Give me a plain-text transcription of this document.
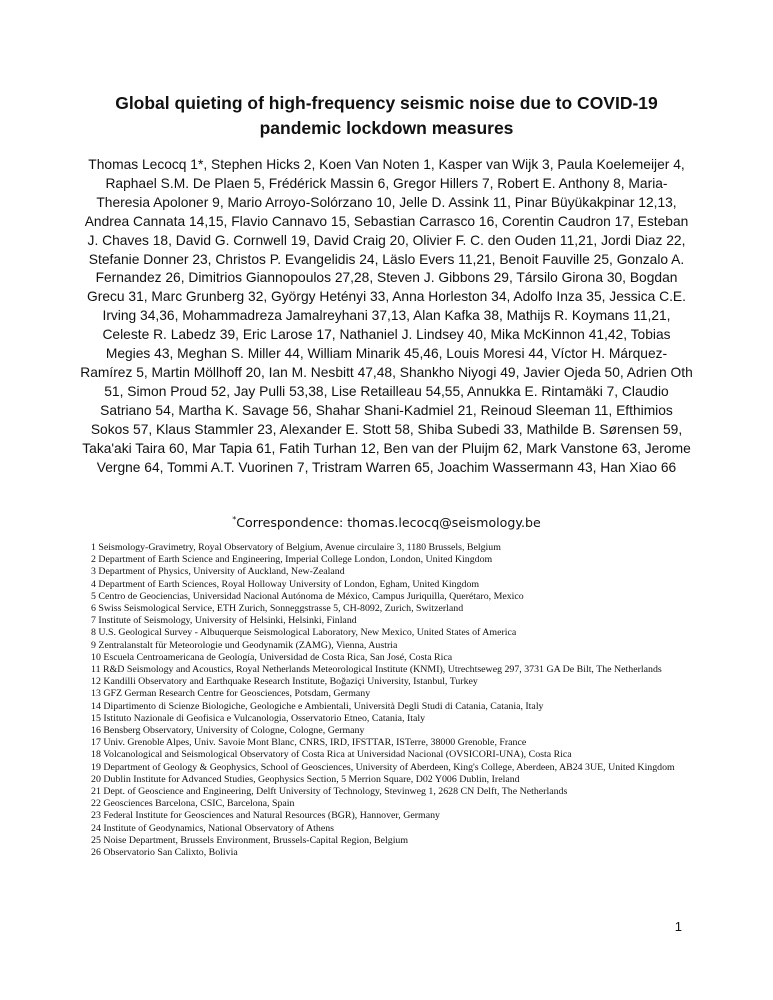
Global quieting of high-frequency seismic noise due to COVID-19 pandemic lockdown measures

Thomas Lecocq 1*, Stephen Hicks 2, Koen Van Noten 1, Kasper van Wijk 3, Paula Koelemeijer 4, Raphael S.M. De Plaen 5, Frédérick Massin 6, Gregor Hillers 7, Robert E. Anthony 8, Maria-Theresia Apoloner 9, Mario Arroyo-Solórzano 10, Jelle D. Assink 11, Pinar Büyükakpinar 12,13, Andrea Cannata 14,15, Flavio Cannavo 15, Sebastian Carrasco 16, Corentin Caudron 17, Esteban J. Chaves 18, David G. Cornwell 19, David Craig 20, Olivier F. C. den Ouden 11,21, Jordi Diaz 22, Stefanie Donner 23, Christos P. Evangelidis 24, Läslo Evers 11,21, Benoit Fauville 25, Gonzalo A. Fernandez 26, Dimitrios Giannopoulos 27,28, Steven J. Gibbons 29, Társilo Girona 30, Bogdan Grecu 31, Marc Grunberg 32, György Hetényi 33, Anna Horleston 34, Adolfo Inza 35, Jessica C.E. Irving 34,36, Mohammadreza Jamalreyhani 37,13, Alan Kafka 38, Mathijs R. Koymans 11,21, Celeste R. Labedz 39, Eric Larose 17, Nathaniel J. Lindsey 40, Mika McKinnon 41,42, Tobias Megies 43, Meghan S. Miller 44, William Minarik 45,46, Louis Moresi 44, Víctor H. Márquez-Ramírez 5, Martin Möllhoff 20, Ian M. Nesbitt 47,48, Shankho Niyogi 49, Javier Ojeda 50, Adrien Oth 51, Simon Proud 52, Jay Pulli 53,38, Lise Retailleau 54,55, Annukka E. Rintamäki 7, Claudio Satriano 54, Martha K. Savage 56, Shahar Shani-Kadmiel 21, Reinoud Sleeman 11, Efthimios Sokos 57, Klaus Stammler 23, Alexander E. Stott 58, Shiba Subedi 33, Mathilde B. Sørensen 59, Taka'aki Taira 60, Mar Tapia 61, Fatih Turhan 12, Ben van der Pluijm 62, Mark Vanstone 63, Jerome Vergne 64, Tommi A.T. Vuorinen 7, Tristram Warren 65, Joachim Wassermann 43, Han Xiao 66

*Correspondence: thomas.lecocq@seismology.be

1 Seismology-Gravimetry, Royal Observatory of Belgium, Avenue circulaire 3, 1180 Brussels, Belgium
2 Department of Earth Science and Engineering, Imperial College London, London, United Kingdom
3 Department of Physics, University of Auckland, New-Zealand
4 Department of Earth Sciences, Royal Holloway University of London, Egham, United Kingdom
5 Centro de Geociencias, Universidad Nacional Autónoma de México, Campus Juriquilla, Querétaro, Mexico
6 Swiss Seismological Service, ETH Zurich, Sonneggstrasse 5, CH-8092, Zurich, Switzerland
7 Institute of Seismology, University of Helsinki, Helsinki, Finland
8 U.S. Geological Survey - Albuquerque Seismological Laboratory, New Mexico, United States of America
9 Zentralanstalt für Meteorologie und Geodynamik (ZAMG), Vienna, Austria
10 Escuela Centroamericana de Geología, Universidad de Costa Rica, San José, Costa Rica
11 R&D Seismology and Acoustics, Royal Netherlands Meteorological Institute (KNMI), Utrechtseweg 297, 3731 GA De Bilt, The Netherlands
12 Kandilli Observatory and Earthquake Research Institute, Boğaziçi University, Istanbul, Turkey
13 GFZ German Research Centre for Geosciences, Potsdam, Germany
14 Dipartimento di Scienze Biologiche, Geologiche e Ambientali, Università Degli Studi di Catania, Catania, Italy
15 Istituto Nazionale di Geofisica e Vulcanologia, Osservatorio Etneo, Catania, Italy
16 Bensberg Observatory, University of Cologne, Cologne, Germany
17 Univ. Grenoble Alpes, Univ. Savoie Mont Blanc, CNRS, IRD, IFSTTAR, ISTerre, 38000 Grenoble, France
18 Volcanological and Seismological Observatory of Costa Rica at Universidad Nacional (OVSICORI-UNA), Costa Rica
19 Department of Geology & Geophysics, School of Geosciences, University of Aberdeen, King's College, Aberdeen, AB24 3UE, United Kingdom
20 Dublin Institute for Advanced Studies, Geophysics Section, 5 Merrion Square, D02 Y006 Dublin, Ireland
21 Dept. of Geoscience and Engineering, Delft University of Technology, Stevinweg 1, 2628 CN Delft, The Netherlands
22 Geosciences Barcelona, CSIC, Barcelona, Spain
23 Federal Institute for Geosciences and Natural Resources (BGR), Hannover, Germany
24 Institute of Geodynamics, National Observatory of Athens
25 Noise Department, Brussels Environment, Brussels-Capital Region, Belgium
26 Observatorio San Calixto, Bolivia
1
